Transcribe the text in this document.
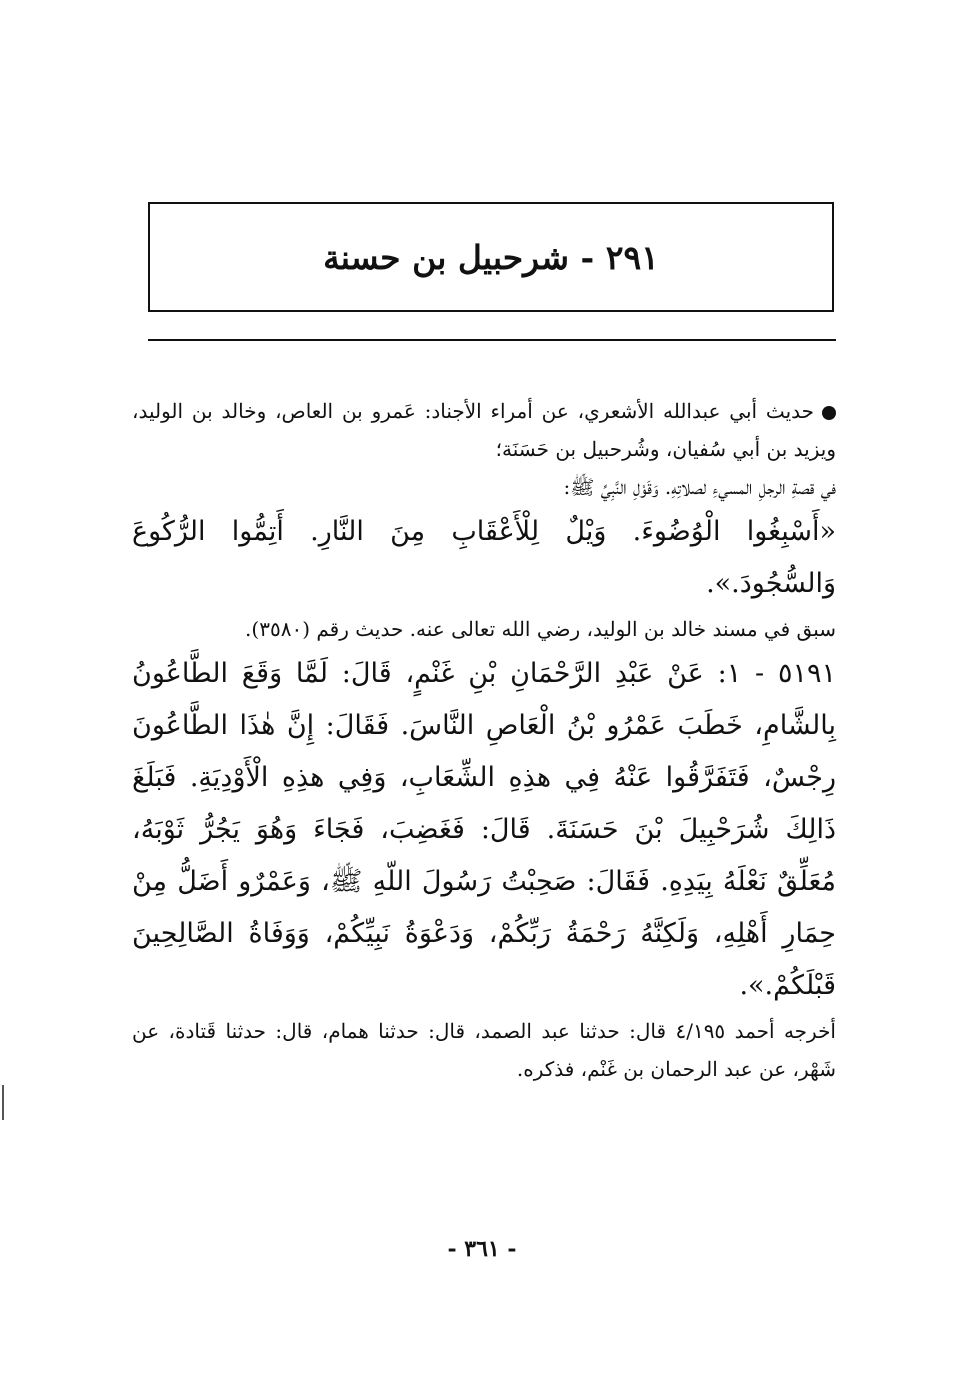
٢٩١ - شرحبيل بن حسنة

حديث أبي عبدالله الأشعري، عن أمراء الأجناد: عَمرو بن العاص، وخالد بن الوليد، ويزيد بن أبي سُفيان، وشُرحبيل بن حَسَنَة؛

في قصةِ الرجلِ المسيءِ لصلاتِهِ. وَقَوْلِ النَّبِيِّ ﷺ:

«أَسْبِغُوا الْوُضُوءَ. وَيْلٌ لِلْأَعْقَابِ مِنَ النَّارِ. أَتِمُّوا الرُّكُوعَ وَالسُّجُودَ.».

سبق في مسند خالد بن الوليد، رضي الله تعالى عنه. حديث رقم (٣٥٨٠).

٥١٩١ - ١: عَنْ عَبْدِ الرَّحْمَانِ بْنِ غَنْمٍ، قَالَ: لَمَّا وَقَعَ الطَّاعُونُ بِالشَّامِ، خَطَبَ عَمْرُو بْنُ الْعَاصِ النَّاسَ. فَقَالَ: إِنَّ هٰذَا الطَّاعُونَ رِجْسٌ، فَتَفَرَّقُوا عَنْهُ فِي هذِهِ الشِّعَابِ، وَفِي هذِهِ الْأَوْدِيَةِ. فَبَلَغَ ذَالِكَ شُرَحْبِيلَ بْنَ حَسَنَةَ. قَالَ: فَغَضِبَ، فَجَاءَ وَهُوَ يَجُرُّ ثَوْبَهُ، مُعَلِّقٌ نَعْلَهُ بِيَدِهِ. فَقَالَ: صَحِبْتُ رَسُولَ اللّهِ ﷺ، وَعَمْرٌو أَضَلُّ مِنْ حِمَارِ أَهْلِهِ، وَلَكِنَّهُ رَحْمَةُ رَبِّكُمْ، وَدَعْوَةُ نَبِيِّكُمْ، وَوَفَاةُ الصَّالِحِينَ قَبْلَكُمْ.».

أخرجه أحمد ٤/١٩٥ قال: حدثنا عبد الصمد، قال: حدثنا همام، قال: حدثنا قَتادة، عن شَهْر، عن عبد الرحمان بن غَنْم، فذكره.

- ٣٦١ -
